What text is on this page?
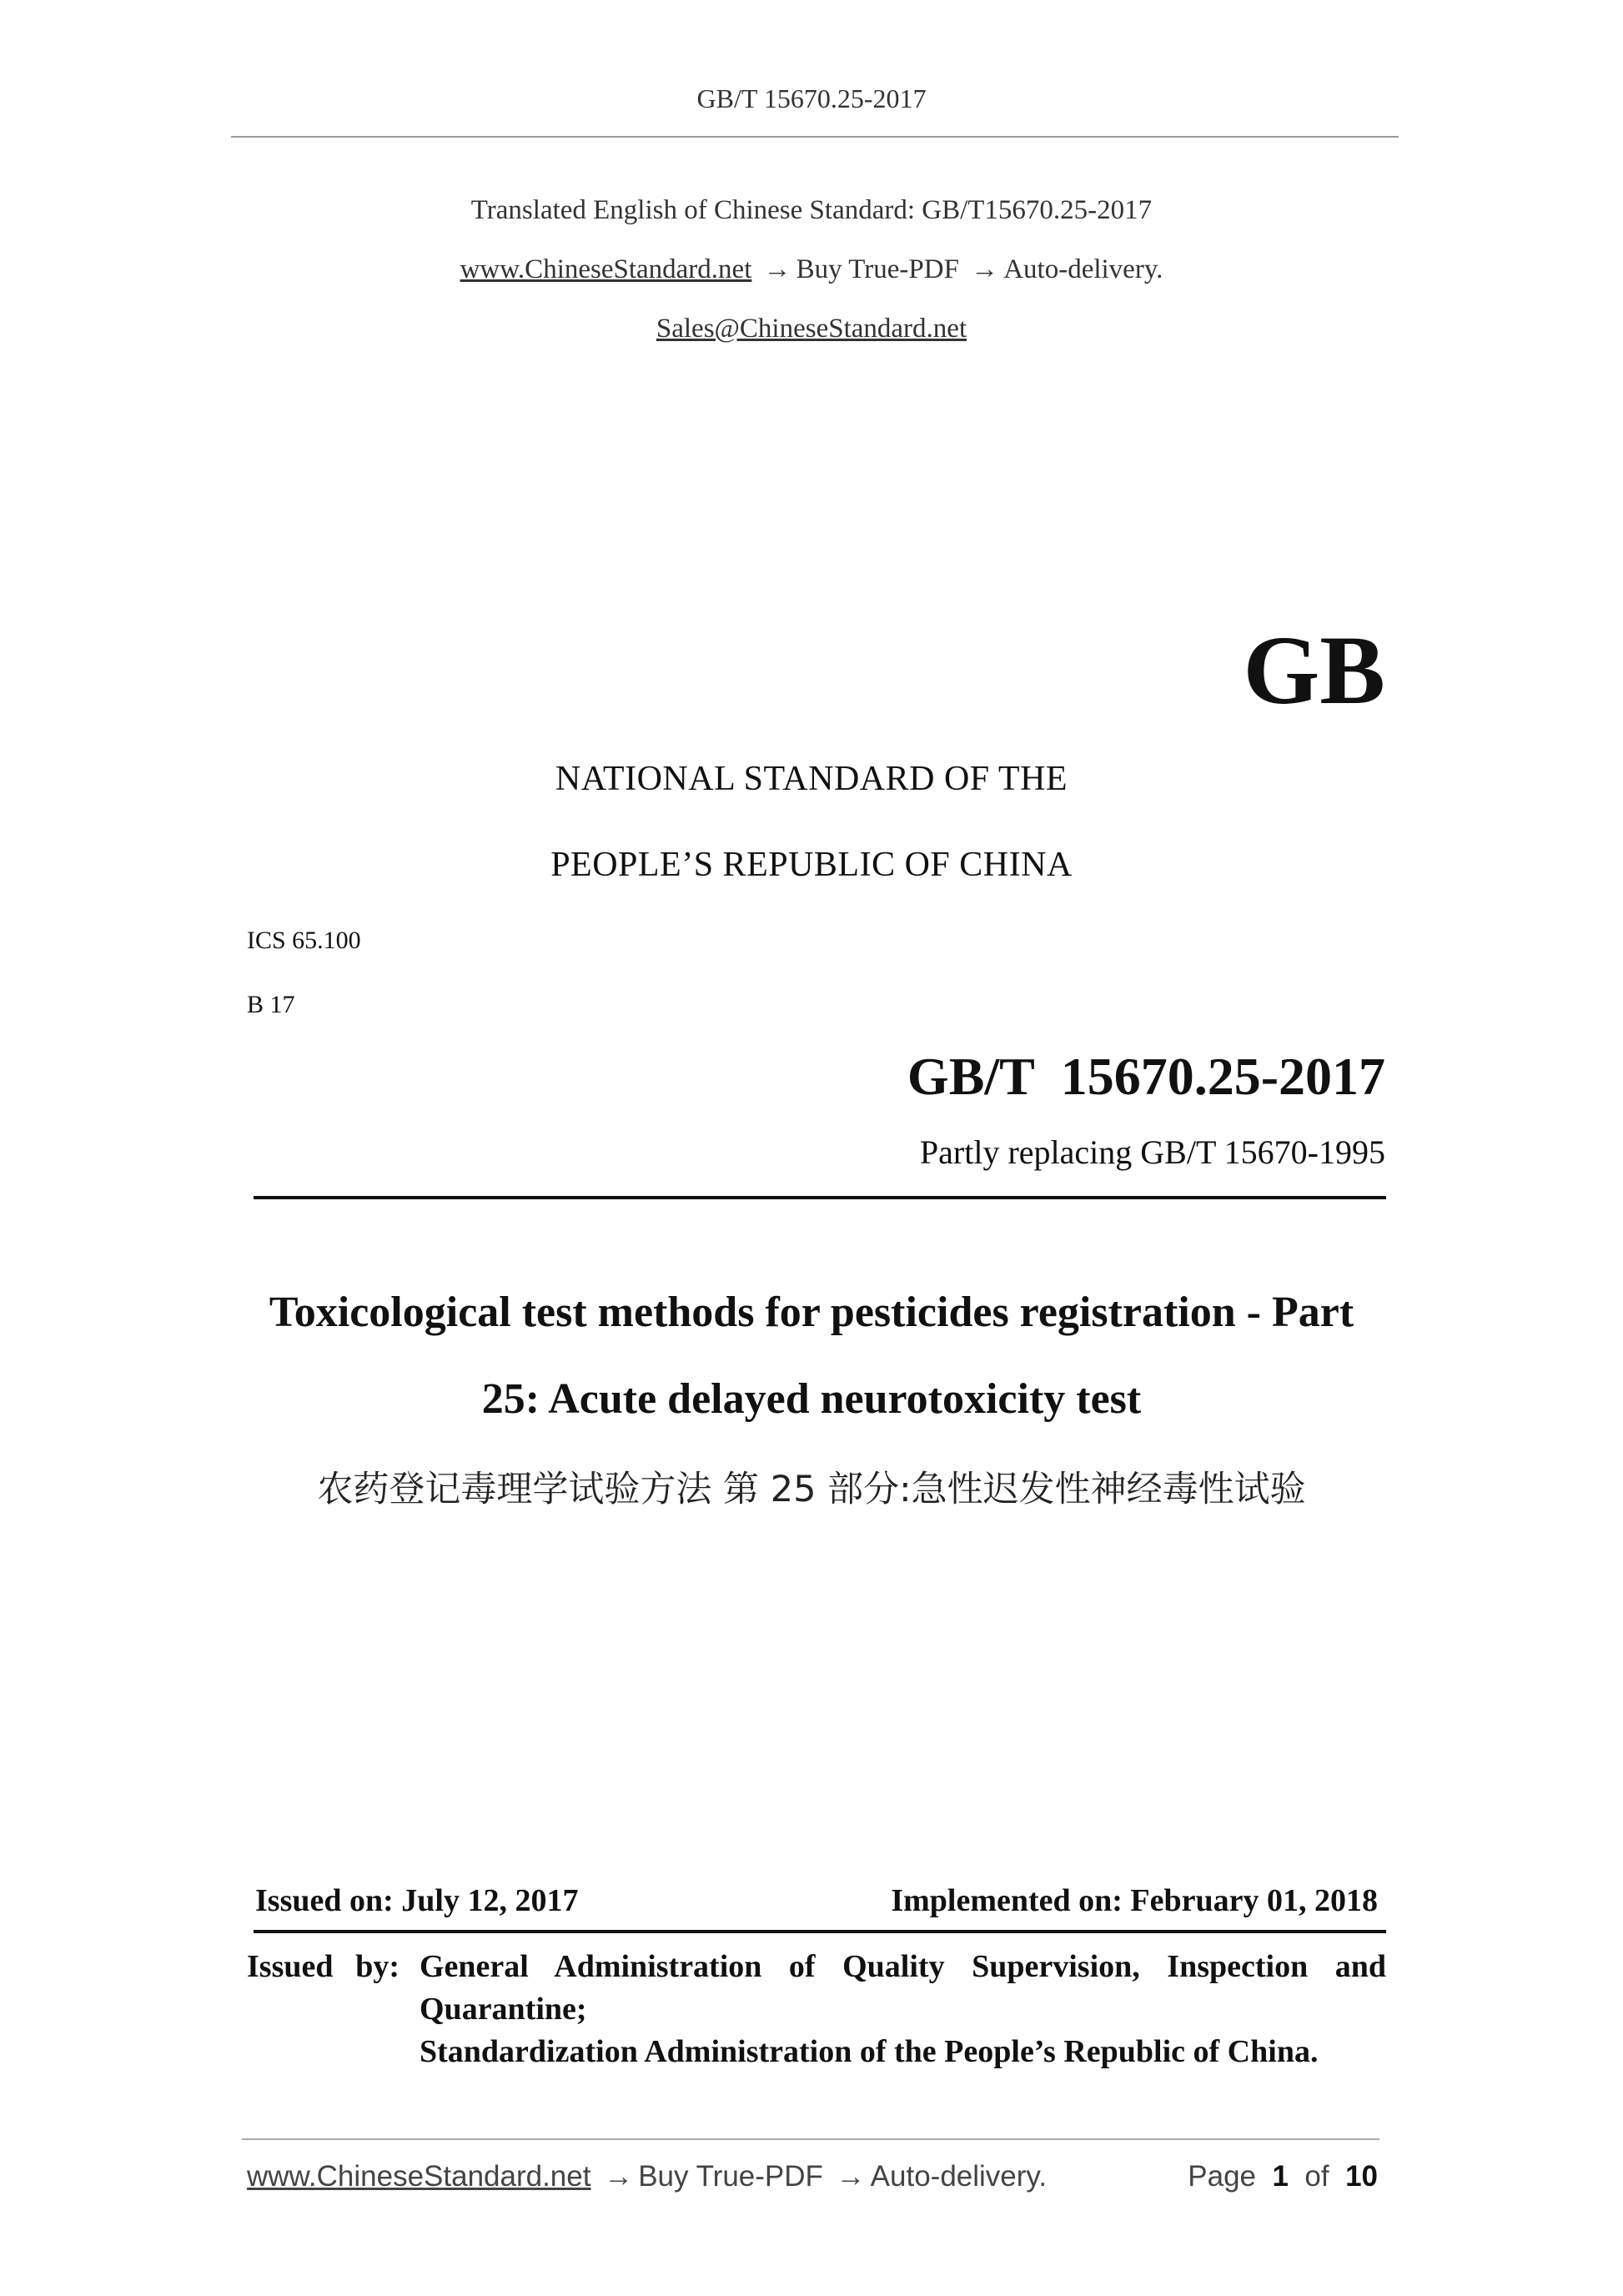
GB/T 15670.25-2017
Translated English of Chinese Standard: GB/T15670.25-2017
www.ChineseStandard.net → Buy True-PDF → Auto-delivery.
Sales@ChineseStandard.net
GB
NATIONAL STANDARD OF THE
PEOPLE’S REPUBLIC OF CHINA
ICS 65.100
B 17
GB/T  15670.25-2017
Partly replacing GB/T 15670-1995
Toxicological test methods for pesticides registration - Part
25: Acute delayed neurotoxicity test
农药登记毒理学试验方法 第 25 部分:急性迟发性神经毒性试验
Issued on: July 12, 2017	Implemented on: February 01, 2018
Issued by: General Administration of Quality Supervision, Inspection and
Quarantine;
Standardization Administration of the People’s Republic of China.
www.ChineseStandard.net → Buy True-PDF → Auto-delivery.	Page 1 of 10
